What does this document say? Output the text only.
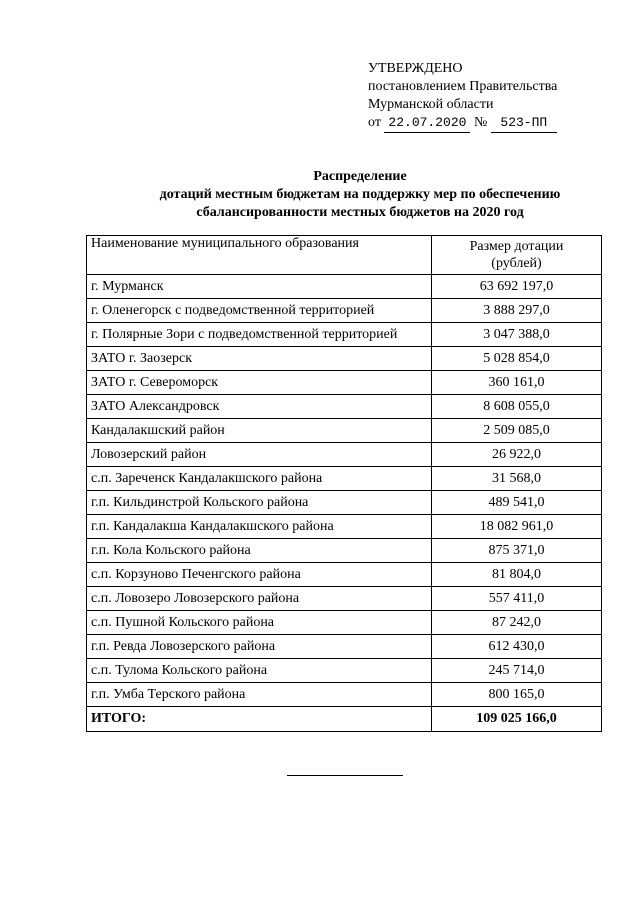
УТВЕРЖДЕНО
постановлением Правительства
Мурманской области
от 22.07.2020 № 523-ПП
Распределение
дотаций местным бюджетам на поддержку мер по обеспечению
сбалансированности местных бюджетов на 2020 год
Наименование муниципального образования	Размер дотации
(рублей)

г. Мурманск	63 692 197,0
г. Оленегорск с подведомственной территорией	3 888 297,0
г. Полярные Зори с подведомственной территорией	3 047 388,0
ЗАТО г. Заозерск	5 028 854,0
ЗАТО г. Североморск	360 161,0
ЗАТО Александровск	8 608 055,0
Кандалакшский район	2 509 085,0
Ловозерский район	26 922,0
с.п. Зареченск Кандалакшского района	31 568,0
г.п. Кильдинстрой Кольского района	489 541,0
г.п. Кандалакша Кандалакшского района	18 082 961,0
г.п. Кола Кольского района	875 371,0
с.п. Корзуново Печенгского района	81 804,0
с.п. Ловозеро Ловозерского района	557 411,0
с.п. Пушной Кольского района	87 242,0
г.п. Ревда Ловозерского района	612 430,0
с.п. Тулома Кольского района	245 714,0
г.п. Умба Терского района	800 165,0
ИТОГО:	109 025 166,0
